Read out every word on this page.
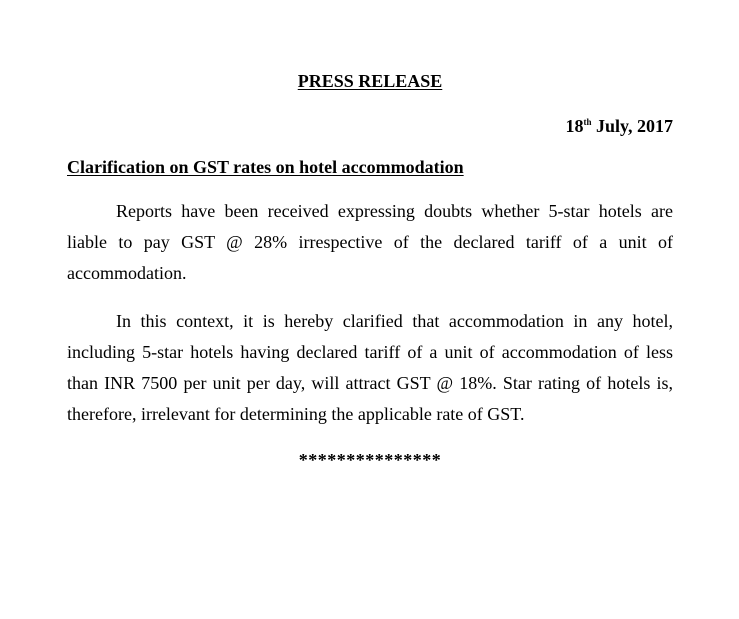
PRESS RELEASE
18th July, 2017
Clarification on GST rates on hotel accommodation

Reports have been received expressing doubts whether 5-star hotels are liable to pay GST @ 28% irrespective of the declared tariff of a unit of accommodation.

In this context, it is hereby clarified that accommodation in any hotel, including 5-star hotels having declared tariff of a unit of accommodation of less than INR 7500 per unit per day, will attract GST @ 18%. Star rating of hotels is, therefore, irrelevant for determining the applicable rate of GST.

***************
